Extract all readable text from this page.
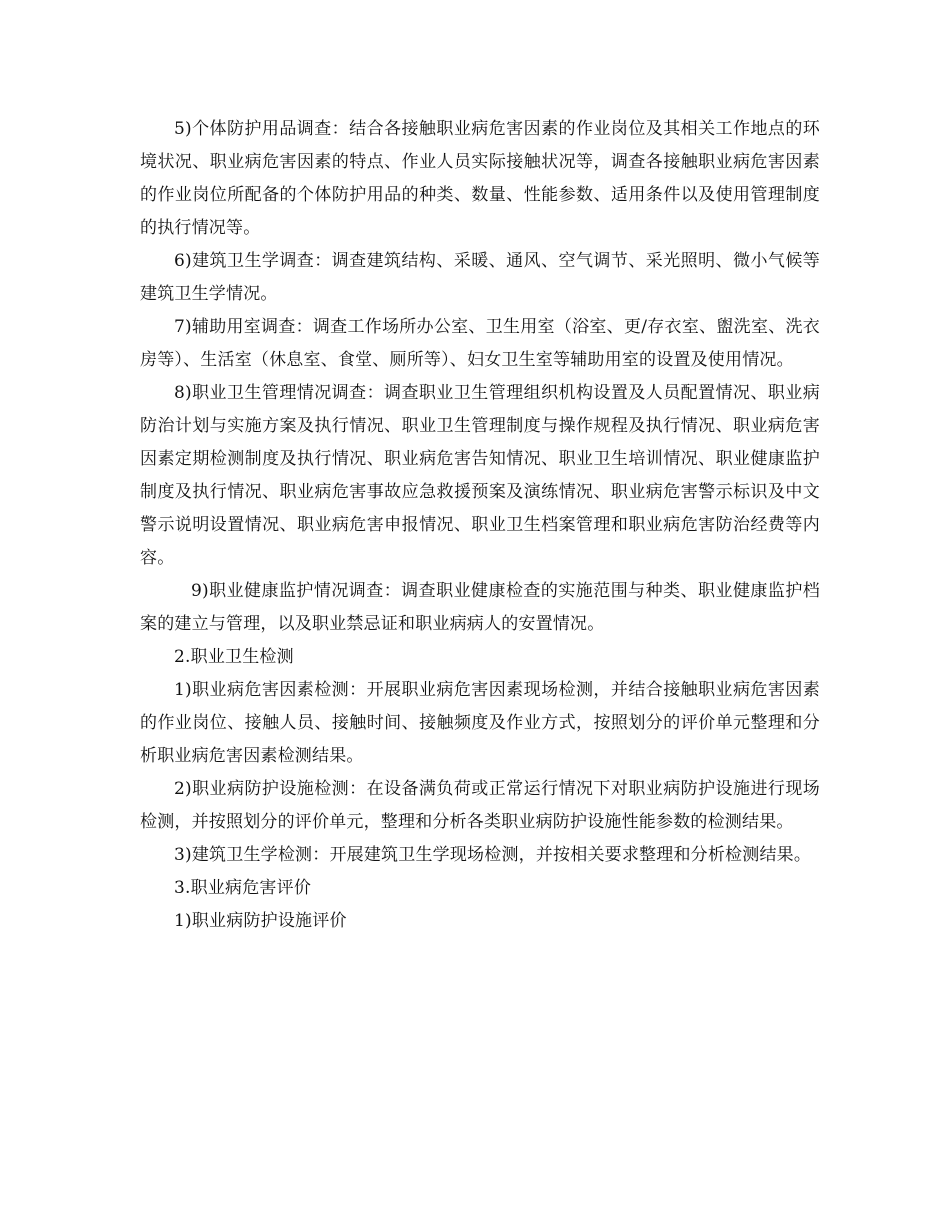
5)个体防护用品调查：结合各接触职业病危害因素的作业岗位及其相关工作地点的环境状况、职业病危害因素的特点、作业人员实际接触状况等，调查各接触职业病危害因素的作业岗位所配备的个体防护用品的种类、数量、性能参数、适用条件以及使用管理制度的执行情况等。

6)建筑卫生学调查：调查建筑结构、采暖、通风、空气调节、采光照明、微小气候等建筑卫生学情况。

7)辅助用室调查：调查工作场所办公室、卫生用室（浴室、更/存衣室、盥洗室、洗衣房等）、生活室（休息室、食堂、厕所等）、妇女卫生室等辅助用室的设置及使用情况。

8)职业卫生管理情况调查：调查职业卫生管理组织机构设置及人员配置情况、职业病防治计划与实施方案及执行情况、职业卫生管理制度与操作规程及执行情况、职业病危害因素定期检测制度及执行情况、职业病危害告知情况、职业卫生培训情况、职业健康监护制度及执行情况、职业病危害事故应急救援预案及演练情况、职业病危害警示标识及中文警示说明设置情况、职业病危害申报情况、职业卫生档案管理和职业病危害防治经费等内容。

9)职业健康监护情况调查：调查职业健康检查的实施范围与种类、职业健康监护档案的建立与管理，以及职业禁忌证和职业病病人的安置情况。

2.职业卫生检测

1)职业病危害因素检测：开展职业病危害因素现场检测，并结合接触职业病危害因素的作业岗位、接触人员、接触时间、接触频度及作业方式，按照划分的评价单元整理和分析职业病危害因素检测结果。

2)职业病防护设施检测：在设备满负荷或正常运行情况下对职业病防护设施进行现场检测，并按照划分的评价单元，整理和分析各类职业病防护设施性能参数的检测结果。

3)建筑卫生学检测：开展建筑卫生学现场检测，并按相关要求整理和分析检测结果。

3.职业病危害评价

1)职业病防护设施评价
